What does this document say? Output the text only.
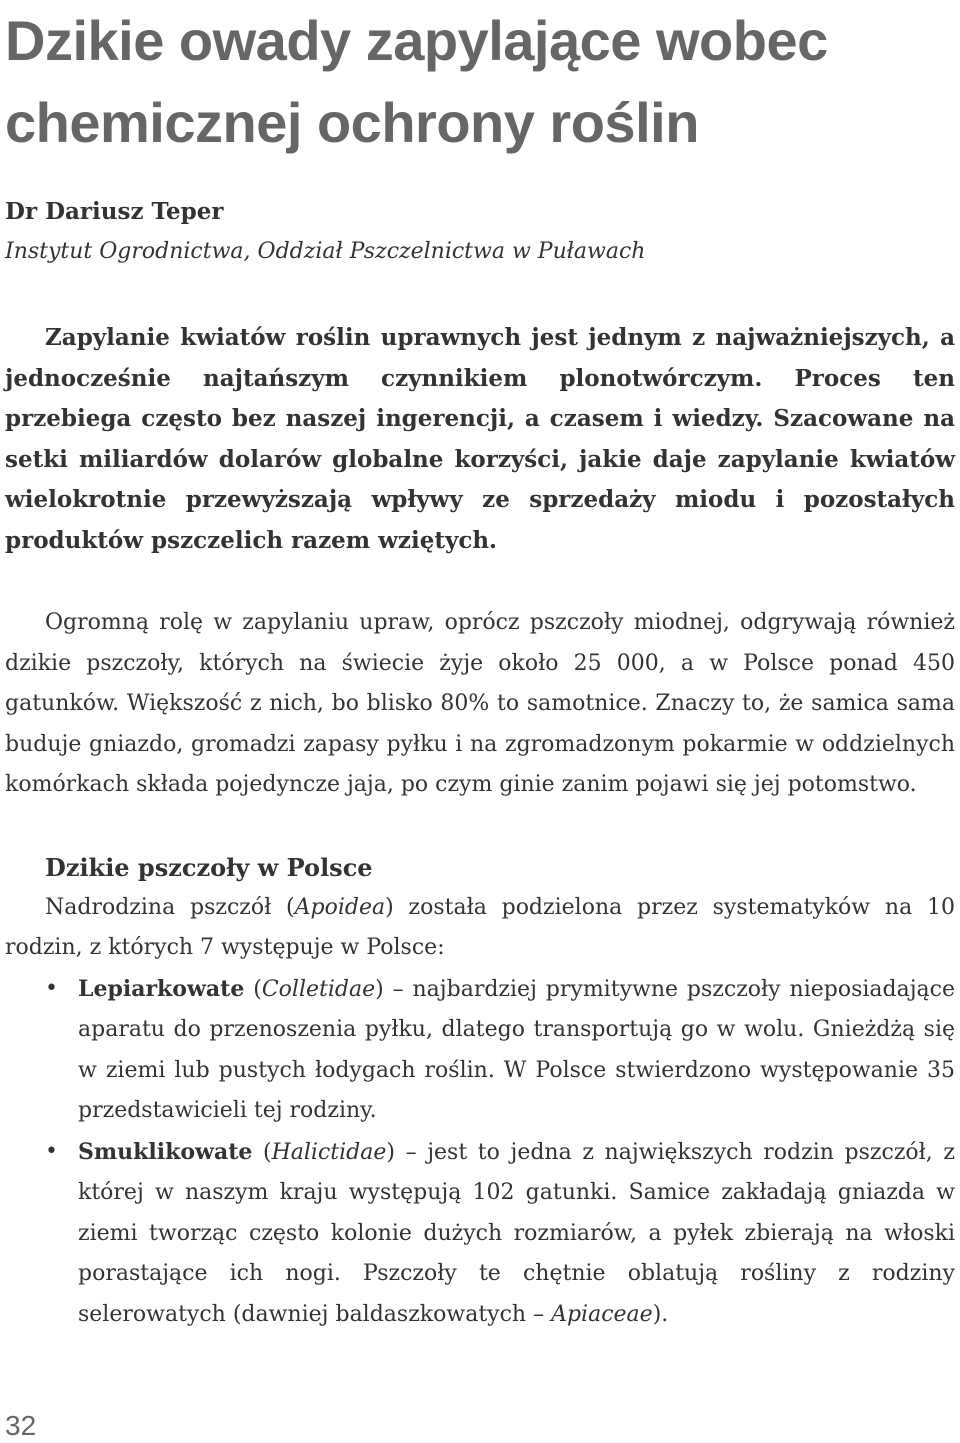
Dzikie owady zapylające wobec chemicznej ochrony roślin
Dr Dariusz Teper
Instytut Ogrodnictwa, Oddział Pszczelnictwa w Puławach

Zapylanie kwiatów roślin uprawnych jest jednym z najważniejszych, a jednocześnie najtańszym czynnikiem plonotwórczym. Proces ten przebiega często bez naszej ingerencji, a czasem i wiedzy. Szacowane na setki miliardów dolarów globalne korzyści, jakie daje zapylanie kwiatów wielokrotnie przewyższają wpływy ze sprzedaży miodu i pozostałych produktów pszczelich razem wziętych.

Ogromną rolę w zapylaniu upraw, oprócz pszczoły miodnej, odgrywają również dzikie pszczoły, których na świecie żyje około 25 000, a w Polsce ponad 450 gatunków. Większość z nich, bo blisko 80% to samotnice. Znaczy to, że samica sama buduje gniazdo, gromadzi zapasy pyłku i na zgromadzonym pokarmie w oddzielnych komórkach składa pojedyncze jaja, po czym ginie zanim pojawi się jej potomstwo.

Dzikie pszczoły w Polsce

Nadrodzina pszczół (Apoidea) została podzielona przez systematyków na 10 rodzin, z których 7 występuje w Polsce:

• Lepiarkowate (Colletidae) – najbardziej prymitywne pszczoły nieposiadające aparatu do przenoszenia pyłku, dlatego transportują go w wolu. Gnieżdżą się w ziemi lub pustych łodygach roślin. W Polsce stwierdzono występowanie 35 przedstawicieli tej rodziny.
• Smuklikowate (Halictidae) – jest to jedna z największych rodzin pszczół, z której w naszym kraju występują 102 gatunki. Samice zakładają gniazda w ziemi tworząc często kolonie dużych rozmiarów, a pyłek zbierają na włoski porastające ich nogi. Pszczoły te chętnie oblatują rośliny z rodziny selerowatych (dawniej baldaszkowatych – Apiaceae).
32
